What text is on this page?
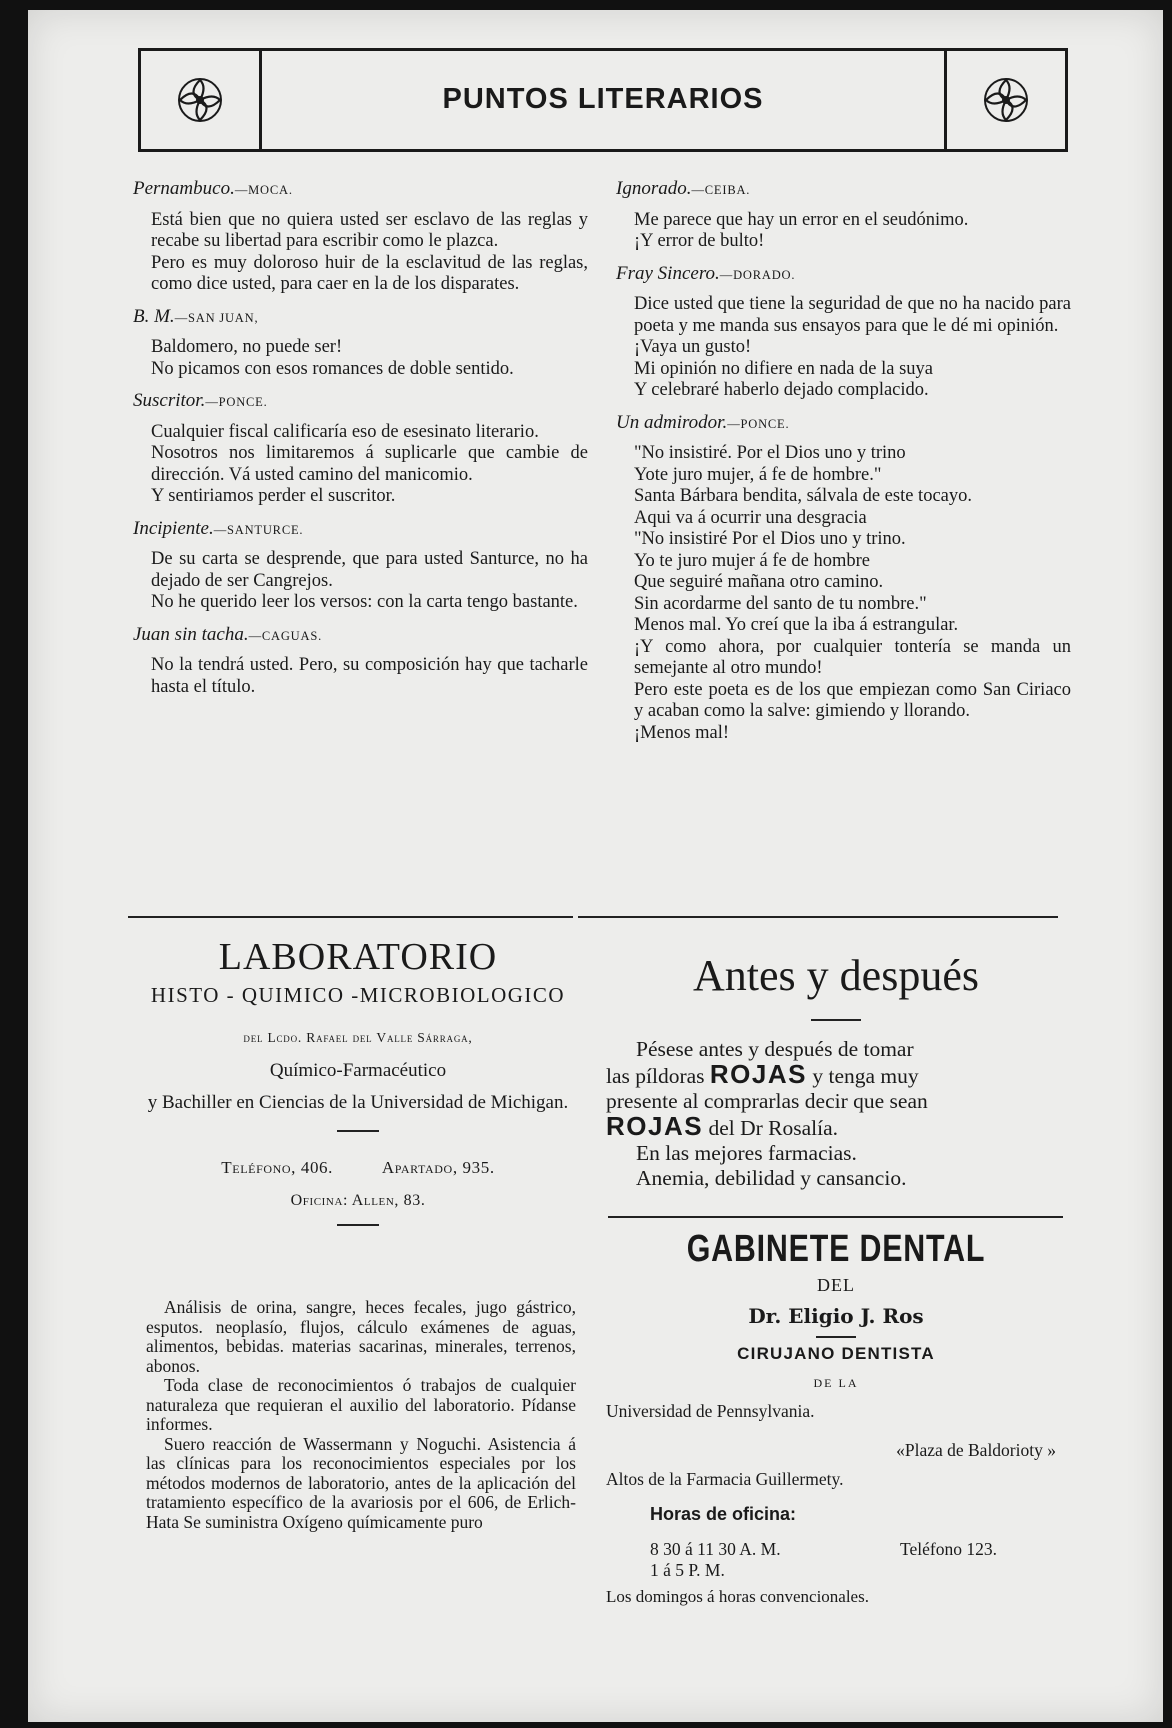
PUNTOS LITERARIOS
Pernambuco.—MOCA.
Está bien que no quiera usted ser esclavo de las reglas y recabe su libertad para escribir como le plazca.
Pero es muy doloroso huir de la esclavitud de las reglas, como dice usted, para caer en la de los disparates.
B. M.—SAN JUAN,
Baldomero, no puede ser!
No picamos con esos romances de doble sentido.
Suscritor.—PONCE.
Cualquier fiscal calificaría eso de esesinato literario.
Nosotros nos limitaremos á suplicarle que cambie de dirección. Vá usted camino del manicomio.
Y sentiriamos perder el suscritor.
Incipiente.—SANTURCE.
De su carta se desprende, que para usted Santurce, no ha dejado de ser Cangrejos.
No he querido leer los versos: con la carta tengo bastante.
Juan sin tacha.—CAGUAS.
No la tendrá usted. Pero, su composición hay que tacharle hasta el título.
Ignorado.—CEIBA.
Me parece que hay un error en el seudónimo.
¡Y error de bulto!
Fray Sincero.—DORADO.
Dice usted que tiene la seguridad de que no ha nacido para poeta y me manda sus ensayos para que le dé mi opinión.
¡Vaya un gusto!
Mi opinión no difiere en nada de la suya
Y celebraré haberlo dejado complacido.
Un admirodor.—PONCE.
"No insistiré. Por el Dios uno y trino
Yote juro mujer, á fe de hombre."
Santa Bárbara bendita, sálvala de este tocayo.
Aqui va á ocurrir una desgracia
"No insistiré Por el Dios uno y trino.
Yo te juro mujer á fe de hombre
Que seguiré mañana otro camino.
Sin acordarme del santo de tu nombre."
Menos mal. Yo creí que la iba á estrangular.
¡Y como ahora, por cualquier tontería se manda un semejante al otro mundo!
Pero este poeta es de los que empiezan como San Ciriaco y acaban como la salve: gimiendo y llorando.
¡Menos mal!
LABORATORIO
HISTO - QUIMICO -MICROBIOLOGICO
del Lcdo. Rafael del Valle Sárraga,
Químico-Farmacéutico
y Bachiller en Ciencias de la Universidad de Michigan.
Teléfono, 406.	Apartado, 935.
Oficina: Allen, 83.
Análisis de orina, sangre, heces fecales, jugo gástrico, esputos. neoplasío, flujos, cálculo exámenes de aguas, alimentos, bebidas. materias sacarinas, minerales, terrenos, abonos.
Toda clase de reconocimientos ó trabajos de cualquier naturaleza que requieran el auxilio del laboratorio. Pídanse informes.
Suero reacción de Wassermann y Noguchi. Asistencia á las clínicas para los reconocimientos especiales por los métodos modernos de laboratorio, antes de la aplicación del tratamiento específico de la avariosis por el 606, de Erlich-Hata Se suministra Oxígeno químicamente puro
Antes y después
Pésese antes y después de tomar
las píldoras ROJAS y tenga muy
presente al comprarlas decir que sean
ROJAS del Dr Rosalía.
En las mejores farmacias.
Anemia, debilidad y cansancio.
GABINETE DENTAL
DEL
Dr. Eligio J. Ros
CIRUJANO DENTISTA
DE LA
Universidad de Pennsylvania.
«Plaza de Baldorioty »
Altos de la Farmacia Guillermety.
Horas de oficina:
8 30 á 11 30 A. M.	Teléfono 123.
1 á 5 P. M.
Los domingos á horas convencionales.
